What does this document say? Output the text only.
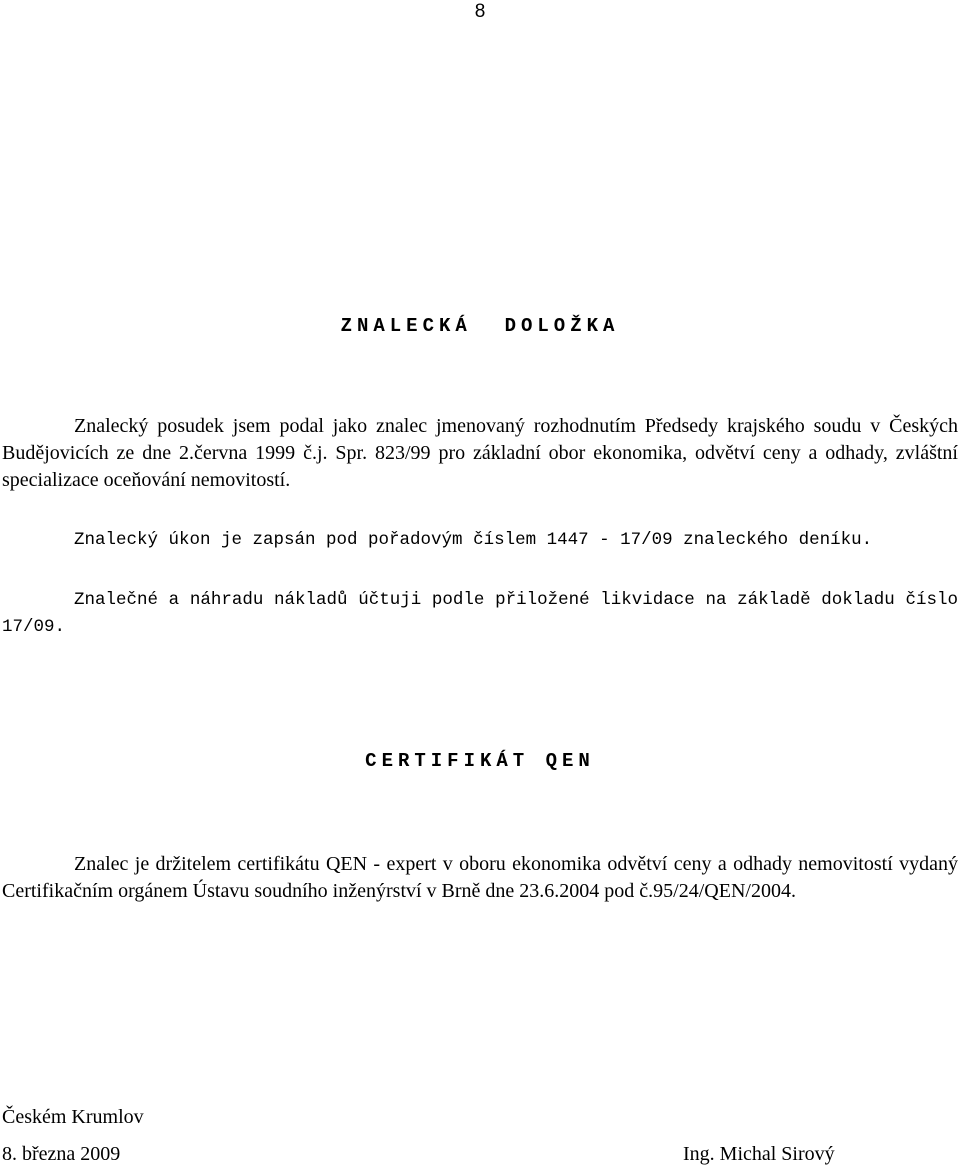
8
ZNALECKÁ  DOLOŽKA

Znalecký posudek jsem podal jako znalec jmenovaný rozhodnutím Předsedy krajského soudu v Českých Budějovicích ze dne 2.června 1999 č.j. Spr. 823/99 pro základní obor ekonomika, odvětví ceny a odhady, zvláštní specializace oceňování nemovitostí.

Znalecký úkon je zapsán pod pořadovým číslem 1447 - 17/09 znaleckého deníku.

Znalečné a náhradu nákladů účtuji podle přiložené likvidace na základě dokladu číslo 17/09.

CERTIFIKÁT QEN

Znalec je držitelem certifikátu QEN - expert v oboru ekonomika odvětví ceny a odhady nemovitostí vydaný Certifikačním orgánem Ústavu soudního inženýrství v Brně dne 23.6.2004 pod č.95/24/QEN/2004.

Českém Krumlov
8. března 2009	Ing. Michal Sirový
